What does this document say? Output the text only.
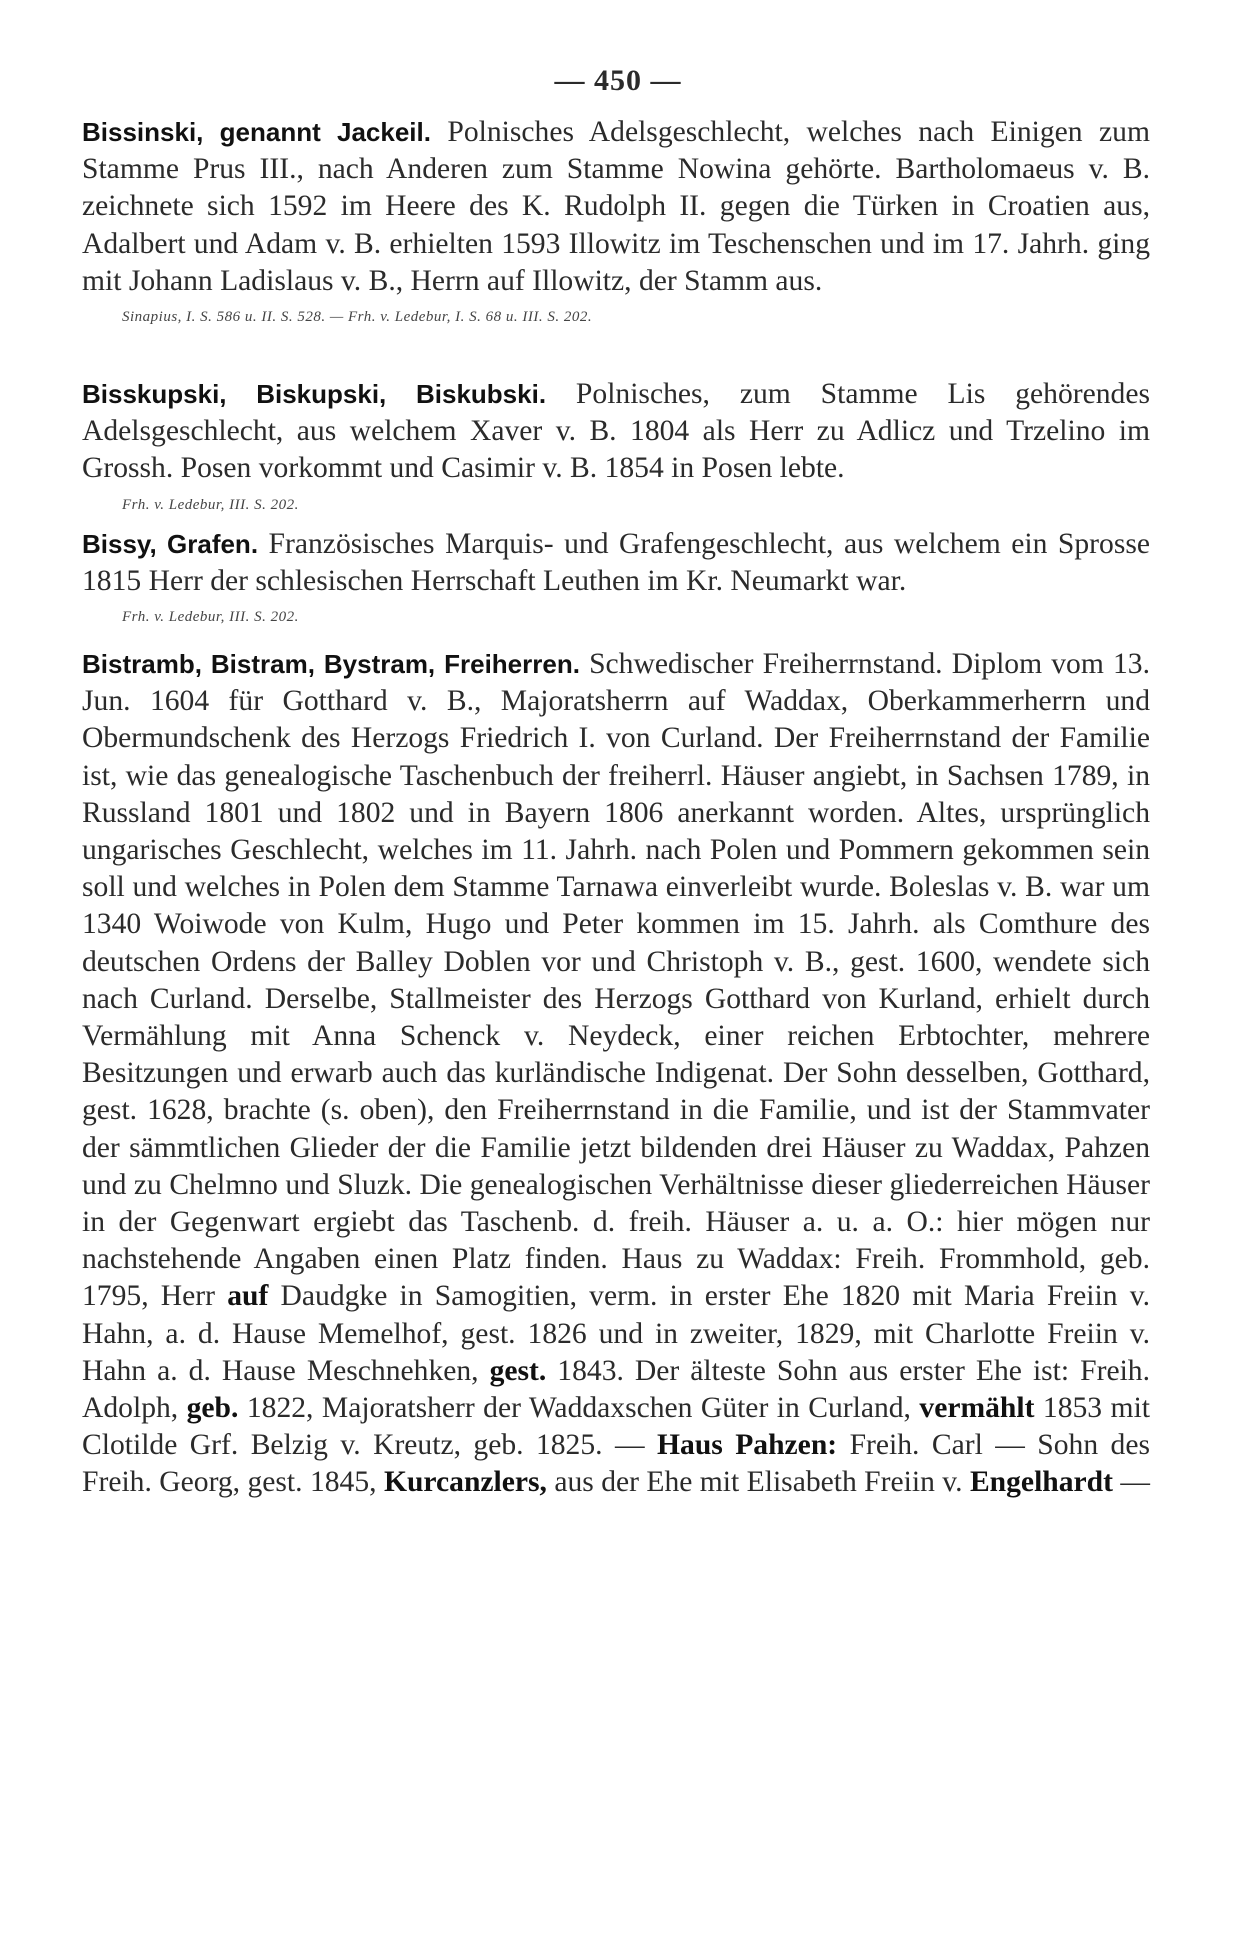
— 450 —

Bissinski, genannt Jackeil. Polnisches Adelsgeschlecht, welches nach Einigen zum Stamme Prus III., nach Anderen zum Stamme Nowina gehörte. Bartholomaeus v. B. zeichnete sich 1592 im Heere des K. Rudolph II. gegen die Türken in Croatien aus, Adalbert und Adam v. B. erhielten 1593 Illowitz im Teschenschen und im 17. Jahrh. ging mit Johann Ladislaus v. B., Herrn auf Illowitz, der Stamm aus.

Sinapius, I. S. 586 u. II. S. 528. — Frh. v. Ledebur, I. S. 68 u. III. S. 202.

Bisskupski, Biskupski, Biskubski. Polnisches, zum Stamme Lis gehörendes Adelsgeschlecht, aus welchem Xaver v. B. 1804 als Herr zu Adlicz und Trzelino im Grossh. Posen vorkommt und Casimir v. B. 1854 in Posen lebte.

Frh. v. Ledebur, III. S. 202.

Bissy, Grafen. Französisches Marquis- und Grafengeschlecht, aus welchem ein Sprosse 1815 Herr der schlesischen Herrschaft Leuthen im Kr. Neumarkt war.

Frh. v. Ledebur, III. S. 202.

Bistramb, Bistram, Bystram, Freiherren. Schwedischer Freiherrnstand. Diplom vom 13. Jun. 1604 für Gotthard v. B., Majoratsherrn auf Waddax, Oberkammerherrn und Obermundschenk des Herzogs Friedrich I. von Curland. Der Freiherrnstand der Familie ist, wie das genealogische Taschenbuch der freiherrl. Häuser angiebt, in Sachsen 1789, in Russland 1801 und 1802 und in Bayern 1806 anerkannt worden. Altes, ursprünglich ungarisches Geschlecht, welches im 11. Jahrh. nach Polen und Pommern gekommen sein soll und welches in Polen dem Stamme Tarnawa einverleibt wurde. Boleslas v. B. war um 1340 Woiwode von Kulm, Hugo und Peter kommen im 15. Jahrh. als Comthure des deutschen Ordens der Balley Doblen vor und Christoph v. B., gest. 1600, wendete sich nach Curland. Derselbe, Stallmeister des Herzogs Gotthard von Kurland, erhielt durch Vermählung mit Anna Schenck v. Neydeck, einer reichen Erbtochter, mehrere Besitzungen und erwarb auch das kurländische Indigenat. Der Sohn desselben, Gotthard, gest. 1628, brachte (s. oben), den Freiherrnstand in die Familie, und ist der Stammvater der sämmtlichen Glieder der die Familie jetzt bildenden drei Häuser zu Waddax, Pahzen und zu Chelmno und Sluzk. Die genealogischen Verhältnisse dieser gliederreichen Häuser in der Gegenwart ergiebt das Taschenb. d. freih. Häuser a. u. a. O.: hier mögen nur nachstehende Angaben einen Platz finden. Haus zu Waddax: Freih. Frommhold, geb. 1795, Herr auf Daudgke in Samogitien, verm. in erster Ehe 1820 mit Maria Freiin v. Hahn, a. d. Hause Memelhof, gest. 1826 und in zweiter, 1829, mit Charlotte Freiin v. Hahn a. d. Hause Meschnehken, gest. 1843. Der älteste Sohn aus erster Ehe ist: Freih. Adolph, geb. 1822, Majoratsherr der Waddaxschen Güter in Curland, vermählt 1853 mit Clotilde Grf. Belzig v. Kreutz, geb. 1825. — Haus Pahzen: Freih. Carl — Sohn des Freih. Georg, gest. 1845, Kurcanzlers, aus der Ehe mit Elisabeth Freiin v. Engelhardt —
